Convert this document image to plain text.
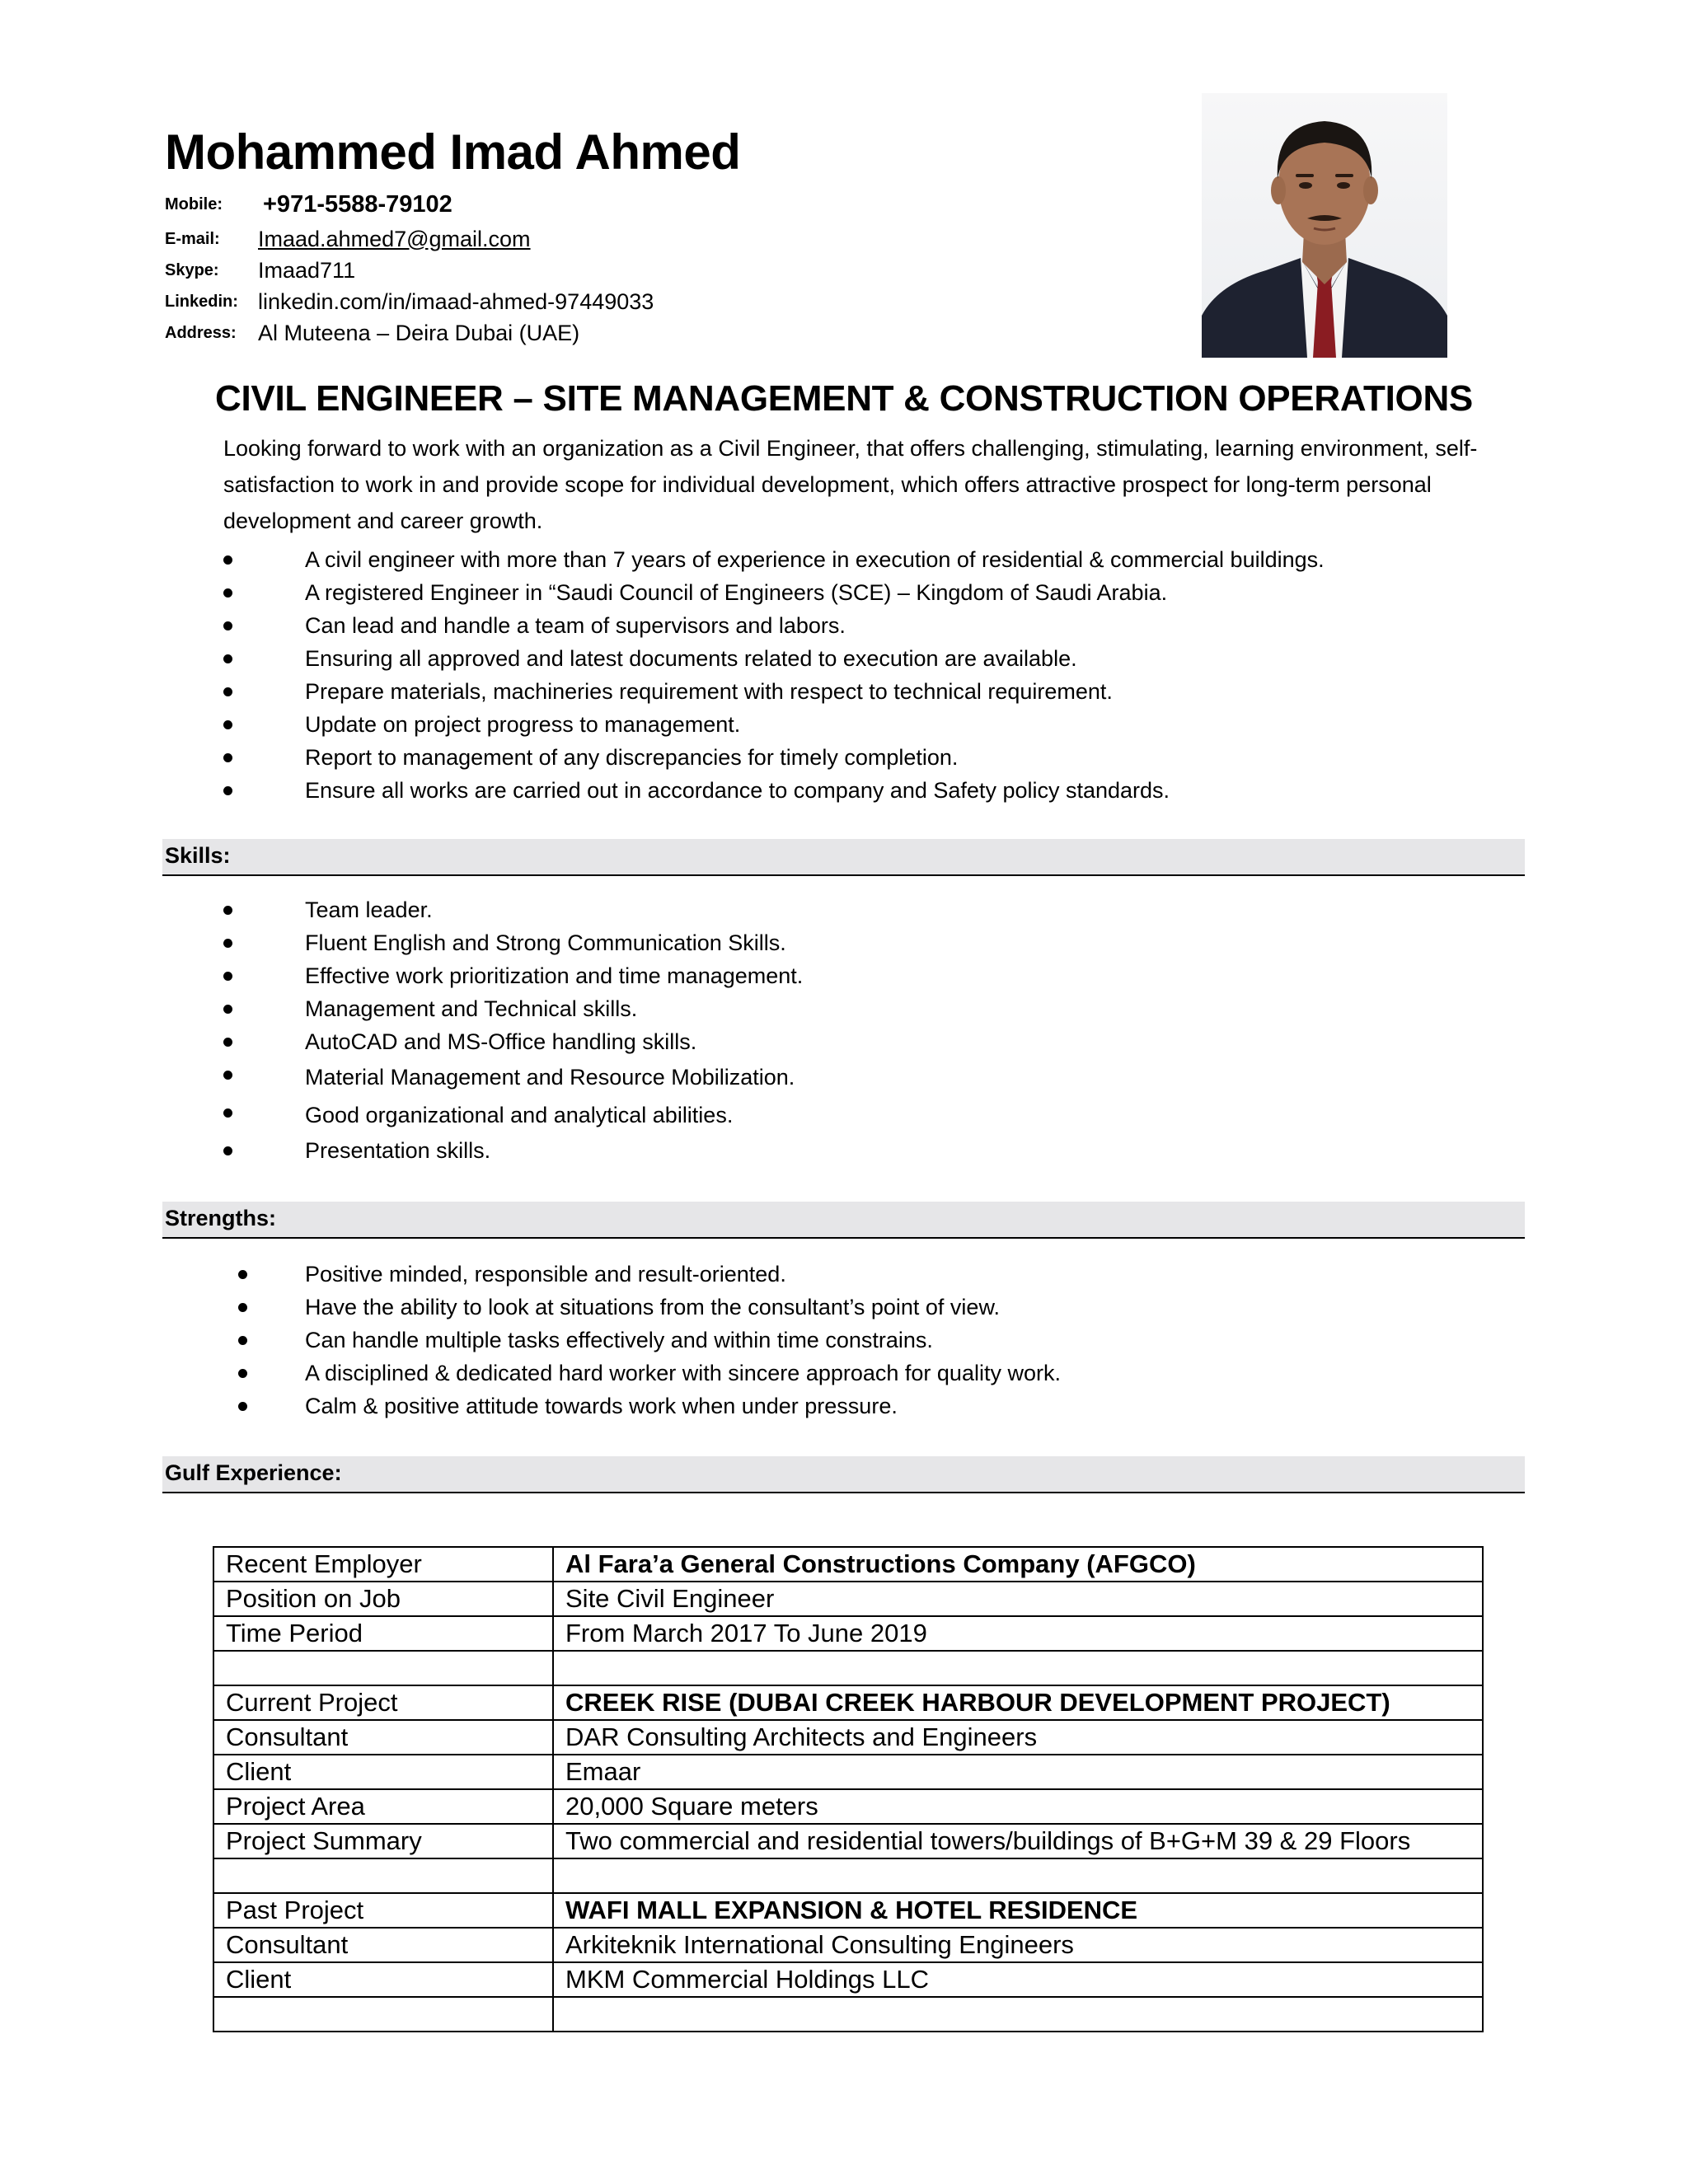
Mohammed Imad Ahmed
Mobile:	+971-5588-79102
E-mail:	Imaad.ahmed7@gmail.com
Skype:	Imaad711
Linkedin: linkedin.com/in/imaad-ahmed-97449033
Address: Al Muteena – Deira Dubai (UAE)
CIVIL ENGINEER – SITE MANAGEMENT & CONSTRUCTION OPERATIONS
Looking forward to work with an organization as a Civil Engineer, that offers challenging, stimulating, learning environment, self-satisfaction to work in and provide scope for individual development, which offers attractive prospect for long-term personal development and career growth.
A civil engineer with more than 7 years of experience in execution of residential & commercial buildings.
A registered Engineer in “Saudi Council of Engineers (SCE) – Kingdom of Saudi Arabia.
Can lead and handle a team of supervisors and labors.
Ensuring all approved and latest documents related to execution are available.
Prepare materials, machineries requirement with respect to technical requirement.
Update on project progress to management.
Report to management of any discrepancies for timely completion.
Ensure all works are carried out in accordance to company and Safety policy standards.
Skills:
Team leader.
Fluent English and Strong Communication Skills.
Effective work prioritization and time management.
Management and Technical skills.
AutoCAD and MS-Office handling skills.
Material Management and Resource Mobilization.
Good organizational and analytical abilities.
Presentation skills.
Strengths:
Positive minded, responsible and result-oriented.
Have the ability to look at situations from the consultant’s point of view.
Can handle multiple tasks effectively and within time constrains.
A disciplined & dedicated hard worker with sincere approach for quality work.
Calm & positive attitude towards work when under pressure.
Gulf Experience:
Recent Employer	Al Fara’a General Constructions Company (AFGCO)
Position on Job	Site Civil Engineer
Time Period	From March 2017 To June 2019

Current Project	CREEK RISE (DUBAI CREEK HARBOUR DEVELOPMENT PROJECT)
Consultant	DAR Consulting Architects and Engineers
Client	Emaar
Project Area	20,000 Square meters
Project Summary	Two commercial and residential towers/buildings of B+G+M 39 & 29 Floors

Past Project	WAFI MALL EXPANSION & HOTEL RESIDENCE
Consultant	Arkiteknik International Consulting Engineers
Client	MKM Commercial Holdings LLC
